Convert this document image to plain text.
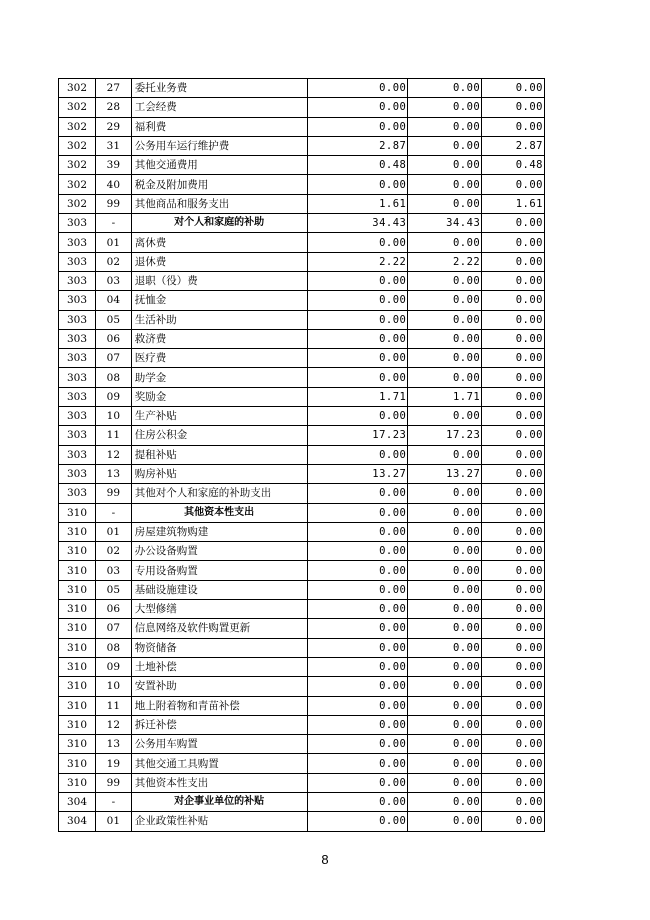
302	27	委托业务费	0.00	0.00	0.00
302	28	工会经费	0.00	0.00	0.00
302	29	福利费	0.00	0.00	0.00
302	31	公务用车运行维护费	2.87	0.00	2.87
302	39	其他交通费用	0.48	0.00	0.48
302	40	税金及附加费用	0.00	0.00	0.00
302	99	其他商品和服务支出	1.61	0.00	1.61
303	-	对个人和家庭的补助	34.43	34.43	0.00
303	01	离休费	0.00	0.00	0.00
303	02	退休费	2.22	2.22	0.00
303	03	退职（役）费	0.00	0.00	0.00
303	04	抚恤金	0.00	0.00	0.00
303	05	生活补助	0.00	0.00	0.00
303	06	救济费	0.00	0.00	0.00
303	07	医疗费	0.00	0.00	0.00
303	08	助学金	0.00	0.00	0.00
303	09	奖励金	1.71	1.71	0.00
303	10	生产补贴	0.00	0.00	0.00
303	11	住房公积金	17.23	17.23	0.00
303	12	提租补贴	0.00	0.00	0.00
303	13	购房补贴	13.27	13.27	0.00
303	99	其他对个人和家庭的补助支出	0.00	0.00	0.00
310	-	其他资本性支出	0.00	0.00	0.00
310	01	房屋建筑物购建	0.00	0.00	0.00
310	02	办公设备购置	0.00	0.00	0.00
310	03	专用设备购置	0.00	0.00	0.00
310	05	基础设施建设	0.00	0.00	0.00
310	06	大型修缮	0.00	0.00	0.00
310	07	信息网络及软件购置更新	0.00	0.00	0.00
310	08	物资储备	0.00	0.00	0.00
310	09	土地补偿	0.00	0.00	0.00
310	10	安置补助	0.00	0.00	0.00
310	11	地上附着物和青苗补偿	0.00	0.00	0.00
310	12	拆迁补偿	0.00	0.00	0.00
310	13	公务用车购置	0.00	0.00	0.00
310	19	其他交通工具购置	0.00	0.00	0.00
310	99	其他资本性支出	0.00	0.00	0.00
304	-	对企事业单位的补贴	0.00	0.00	0.00
304	01	企业政策性补贴	0.00	0.00	0.00
8
